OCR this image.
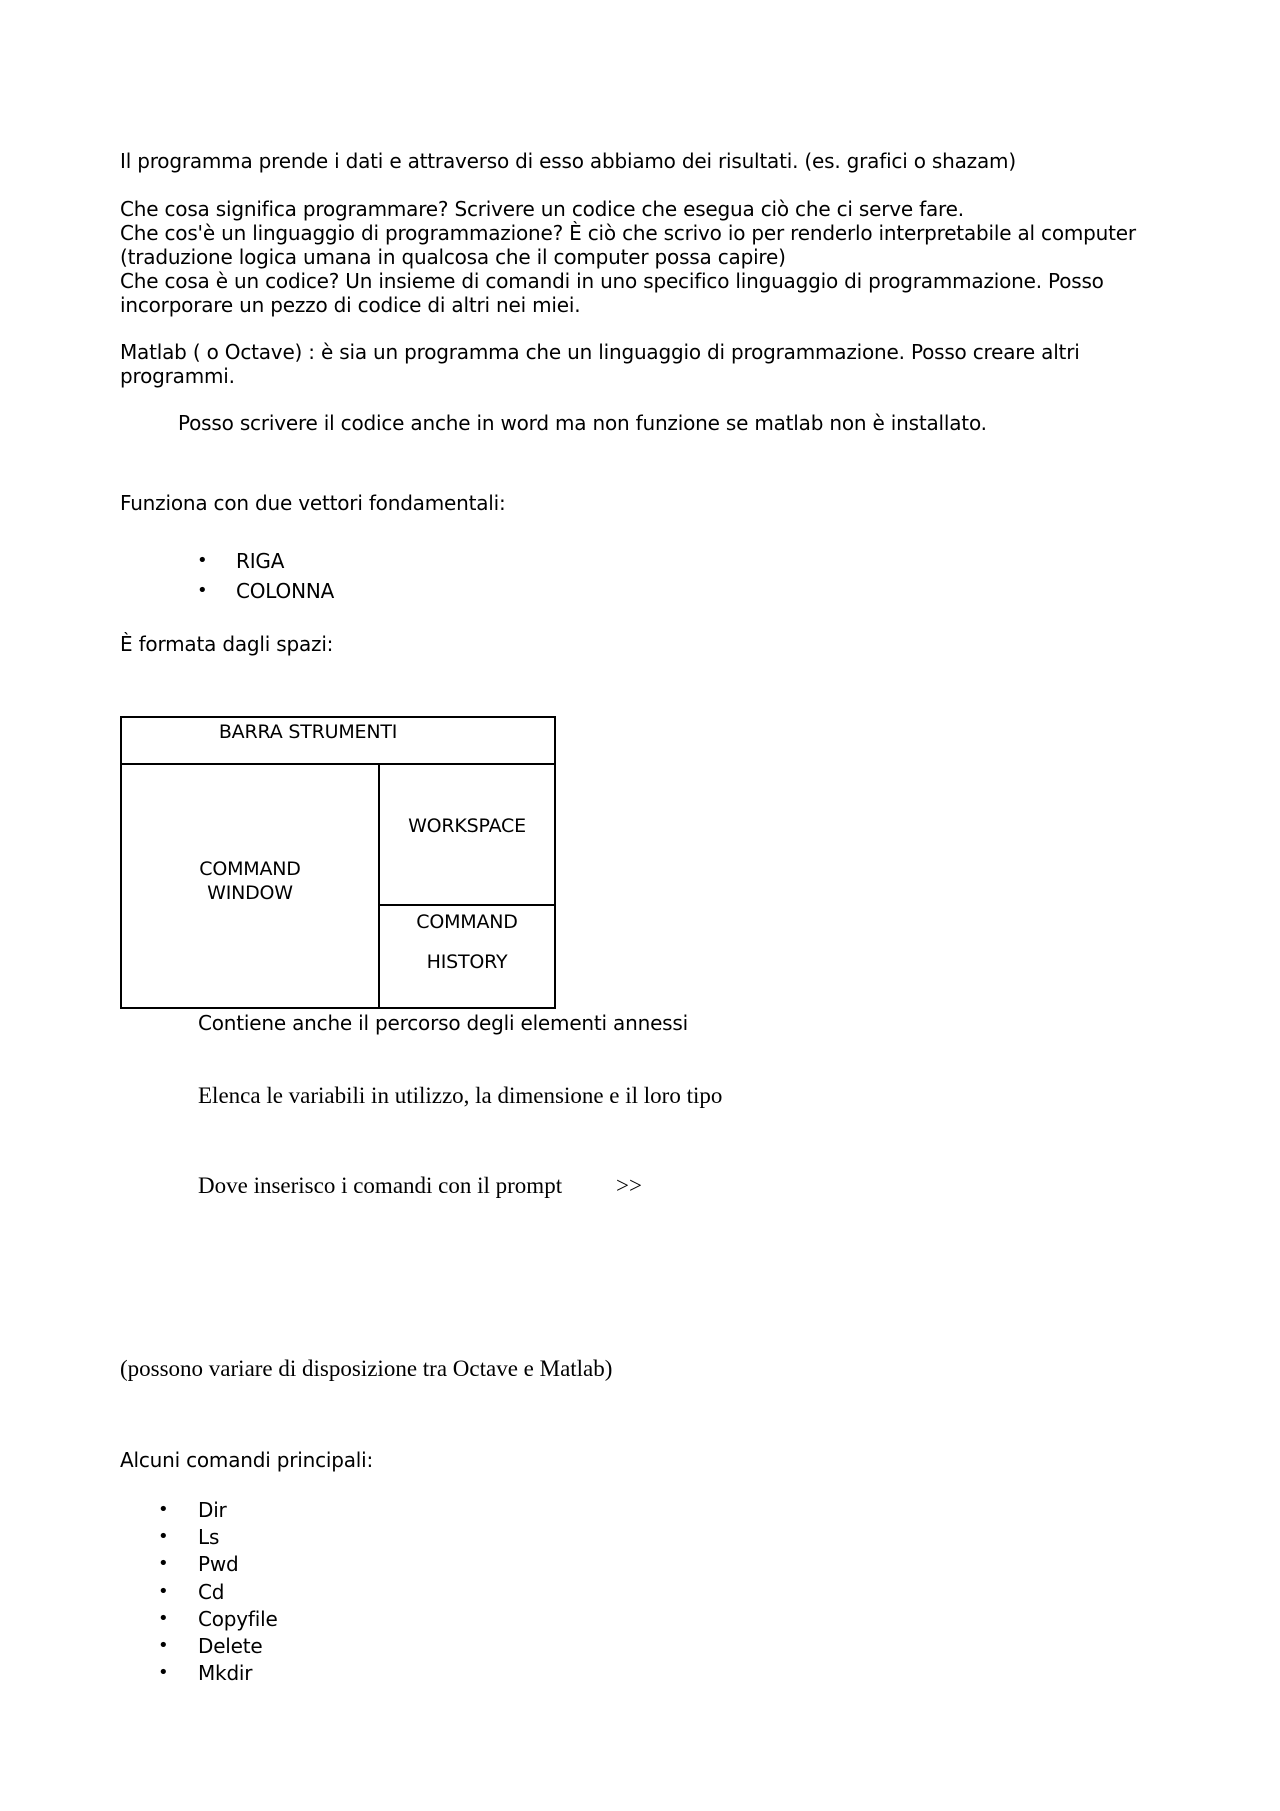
Il programma prende i dati e attraverso di esso abbiamo dei risultati. (es. grafici o shazam)
Che cosa significa programmare? Scrivere un codice che esegua ciò che ci serve fare.
Che cos'è un linguaggio di programmazione? È ciò che scrivo io per renderlo interpretabile al computer
(traduzione logica umana in qualcosa che il computer possa capire)
Che cosa è un codice? Un insieme di comandi in uno specifico linguaggio di programmazione. Posso
incorporare un pezzo di codice di altri nei miei.
Matlab ( o Octave) : è sia un programma che un linguaggio di programmazione. Posso creare altri
programmi.
Posso scrivere il codice anche in word ma non funzione se matlab non è installato.
Funziona con due vettori fondamentali:
• RIGA
• COLONNA
È formata dagli spazi:
BARRA STRUMENTI
COMMAND
WINDOW
WORKSPACE
COMMAND
HISTORY
Contiene anche il percorso degli elementi annessi
Elenca le variabili in utilizzo, la dimensione e il loro tipo
Dove inserisco i comandi con il prompt >>
(possono variare di disposizione tra Octave e Matlab)
Alcuni comandi principali:
• Dir
• Ls
• Pwd
• Cd
• Copyfile
• Delete
• Mkdir
